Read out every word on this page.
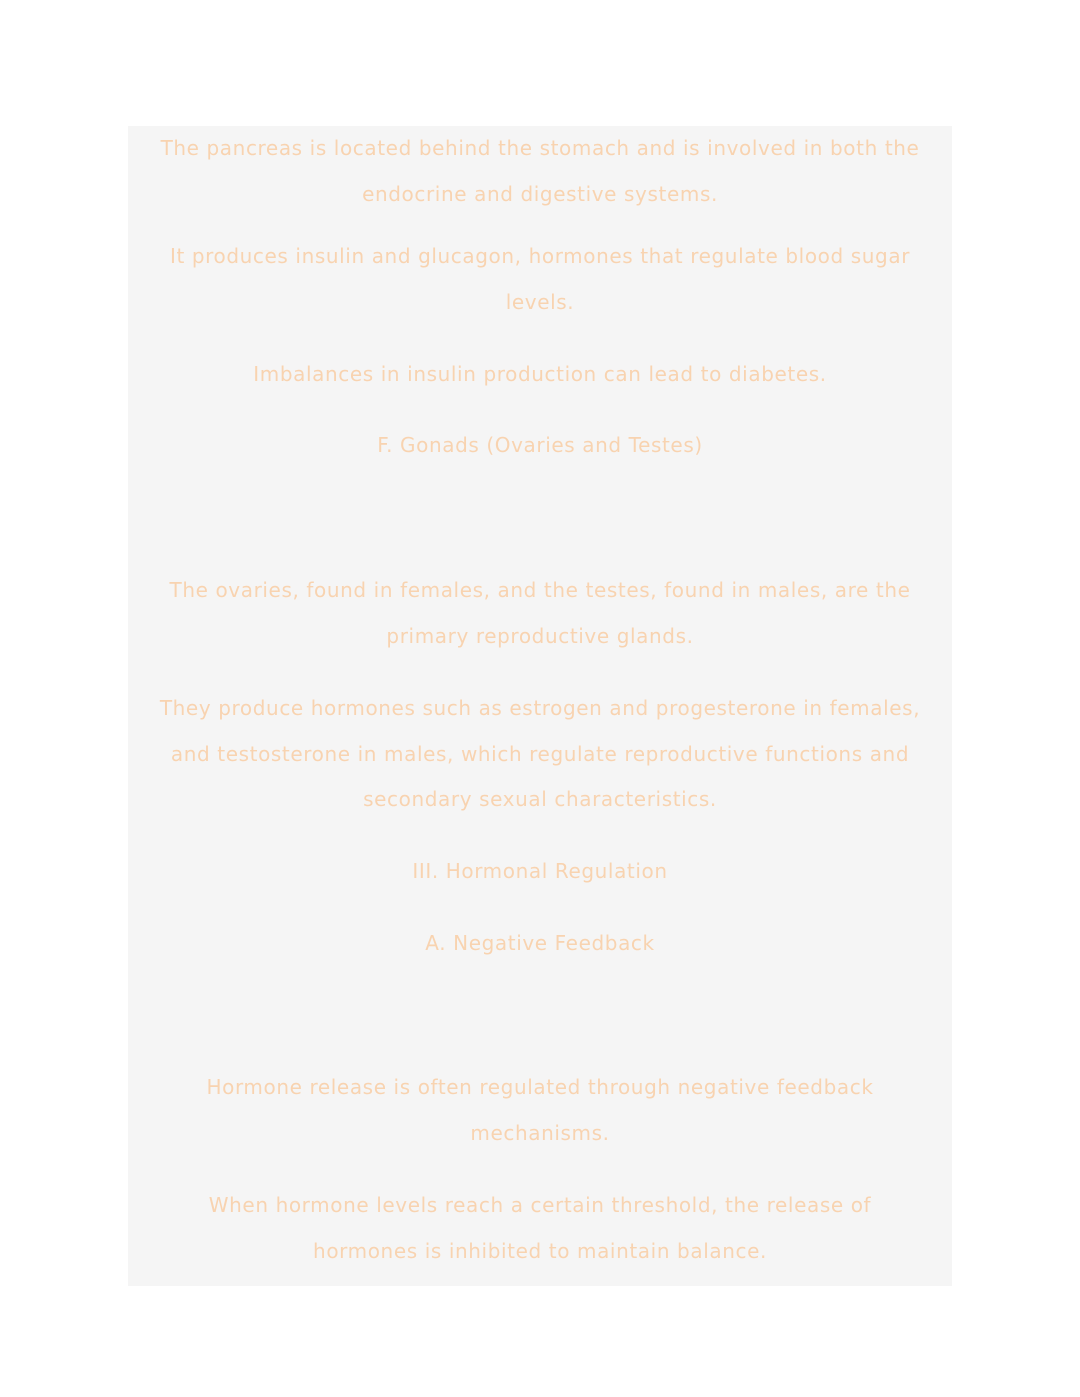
The pancreas is located behind the stomach and is involved in both the endocrine and digestive systems.

It produces insulin and glucagon, hormones that regulate blood sugar levels.

Imbalances in insulin production can lead to diabetes.

F. Gonads (Ovaries and Testes)

The ovaries, found in females, and the testes, found in males, are the primary reproductive glands.

They produce hormones such as estrogen and progesterone in females, and testosterone in males, which regulate reproductive functions and secondary sexual characteristics.

III. Hormonal Regulation

A. Negative Feedback

Hormone release is often regulated through negative feedback mechanisms.

When hormone levels reach a certain threshold, the release of hormones is inhibited to maintain balance.
